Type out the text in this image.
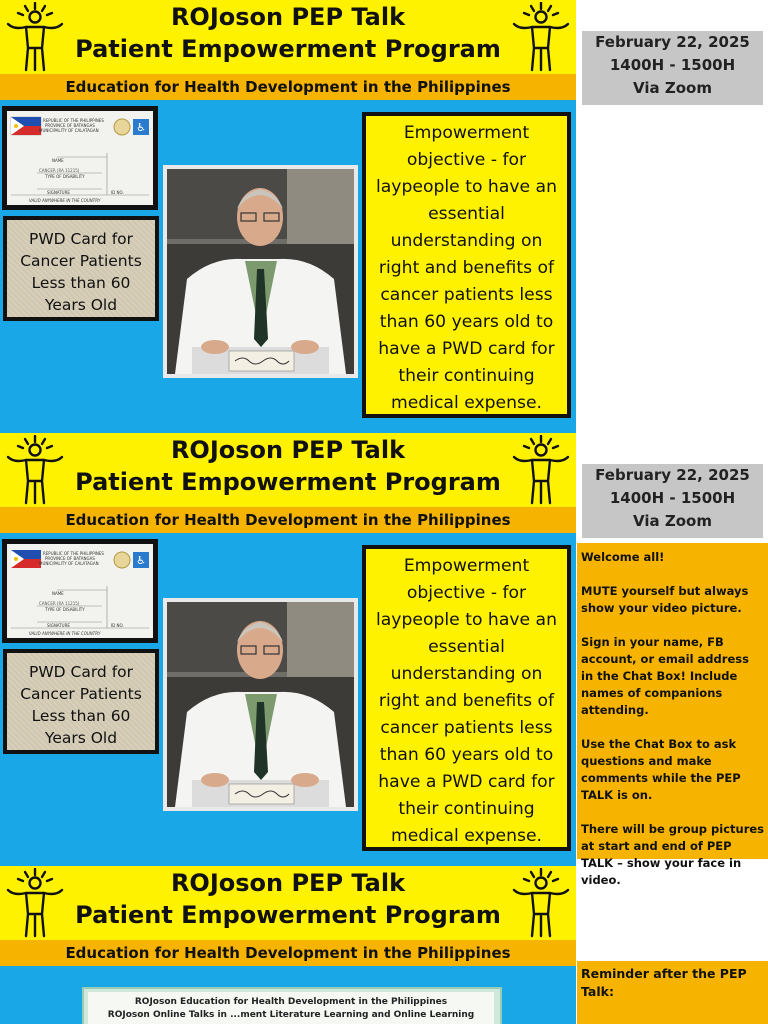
ROJoson PEP Talk
Patient Empowerment Program
Education for Health Development in the Philippines
♿
REPUBLIC OF THE PHILIPPINES
PROVINCE OF BATANGAS
MUNICIPALITY OF CALATAGAN
NAME
CANCER (RA 11215)
TYPE OF DISABILITY
SIGNATURE	ID NO.
VALID ANYWHERE IN THE COUNTRY
PWD Card for
Cancer Patients
Less than 60
Years Old
Empowerment
objective - for
laypeople to have an
essential
understanding on
right and benefits of
cancer patients less
than 60 years old to
have a PWD card for
their continuing
medical expense.
February 22, 2025
1400H - 1500H
Via Zoom
ROJoson PEP Talk
Patient Empowerment Program
Education for Health Development in the Philippines
♿
REPUBLIC OF THE PHILIPPINES
PROVINCE OF BATANGAS
MUNICIPALITY OF CALATAGAN
NAME
CANCER (RA 11215)
TYPE OF DISABILITY
SIGNATURE	ID NO.
VALID ANYWHERE IN THE COUNTRY
PWD Card for
Cancer Patients
Less than 60
Years Old
Empowerment
objective - for
laypeople to have an
essential
understanding on
right and benefits of
cancer patients less
than 60 years old to
have a PWD card for
their continuing
medical expense.
February 22, 2025
1400H - 1500H
Via Zoom
Welcome all!

MUTE yourself but always show your video picture.

Sign in your name, FB account, or email address in the Chat Box! Include names of companions attending.

Use the Chat Box to ask questions and make comments while the PEP TALK is on.

There will be group pictures at start and end of PEP TALK – show your face in video.
ROJoson PEP Talk
Patient Empowerment Program
Education for Health Development in the Philippines
ROJoson Education for Health Development in the Philippines
ROJoson Online Talks in ...ment Literature Learning and Online Learning
Reminder after the PEP
Talk:
